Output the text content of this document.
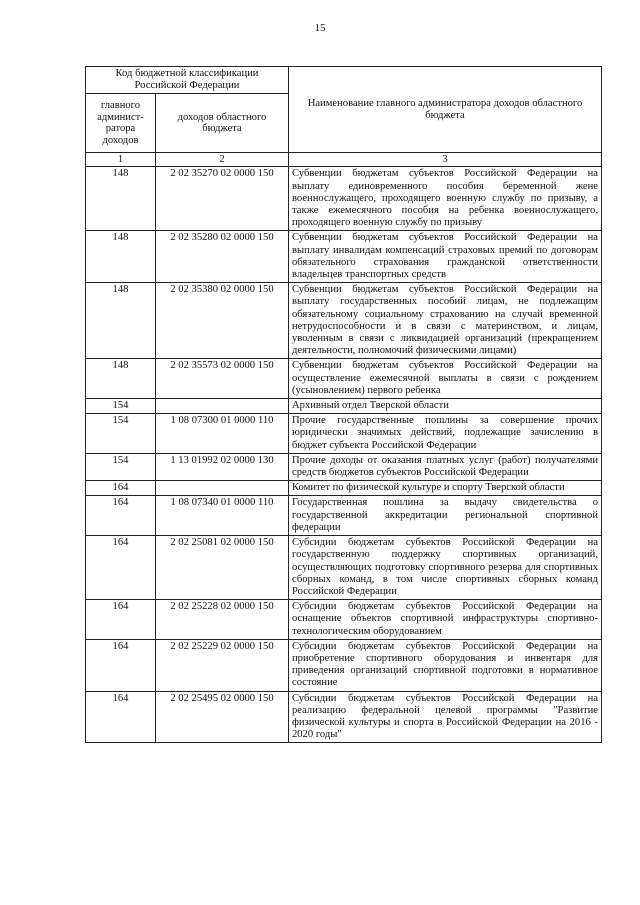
15
Код бюджетной классификации Российской Федерации		Наименование главного администратора доходов областного бюджета
главного админист-ратора доходов	доходов областного бюджета	
1	2	3
148	2 02 35270 02 0000 150	Субвенции бюджетам субъектов Российской Федерации на выплату единовременного пособия беременной жене военнослужащего, проходящего военную службу по призыву, а также ежемесячного пособия на ребенка военнослужащего, проходящего военную службу по призыву
148	2 02 35280 02 0000 150	Субвенции бюджетам субъектов Российской Федерации на выплату инвалидам компенсаций страховых премий по договорам обязательного страхования гражданской ответственности владельцев транспортных средств
148	2 02 35380 02 0000 150	Субвенции бюджетам субъектов Российской Федерации на выплату государственных пособий лицам, не подлежащим обязательному социальному страхованию на случай временной нетрудоспособности и в связи с материнством, и лицам, уволенным в связи с ликвидацией организаций (прекращением деятельности, полномочий физическими лицами)
148	2 02 35573 02 0000 150	Субвенции бюджетам субъектов Российской Федерации на осуществление ежемесячной выплаты в связи с рождением (усыновлением) первого ребенка
154		Архивный отдел Тверской области
154	1 08 07300 01 0000 110	Прочие государственные пошлины за совершение прочих юридически значимых действий, подлежащие зачислению в бюджет субъекта Российской Федерации
154	1 13 01992 02 0000 130	Прочие доходы от оказания платных услуг (работ) получателями средств бюджетов субъектов Российской Федерации
164		Комитет по физической культуре и спорту Тверской области
164	1 08 07340 01 0000 110	Государственная пошлина за выдачу свидетельства о государственной аккредитации региональной спортивной федерации
164	2 02 25081 02 0000 150	Субсидии бюджетам субъектов Российской Федерации на государственную поддержку спортивных организаций, осуществляющих подготовку спортивного резерва для спортивных сборных команд, в том числе спортивных сборных команд Российской Федерации
164	2 02 25228 02 0000 150	Субсидии бюджетам субъектов Российской Федерации на оснащение объектов спортивной инфраструктуры спортивно-технологическим оборудованием
164	2 02 25229 02 0000 150	Субсидии бюджетам субъектов Российской Федерации на приобретение спортивного оборудования и инвентаря для приведения организаций спортивной подготовки в нормативное состояние
164	2 02 25495 02 0000 150	Субсидии бюджетам субъектов Российской Федерации на реализацию федеральной целевой программы "Развитие физической культуры и спорта в Российской Федерации на 2016 - 2020 годы"
